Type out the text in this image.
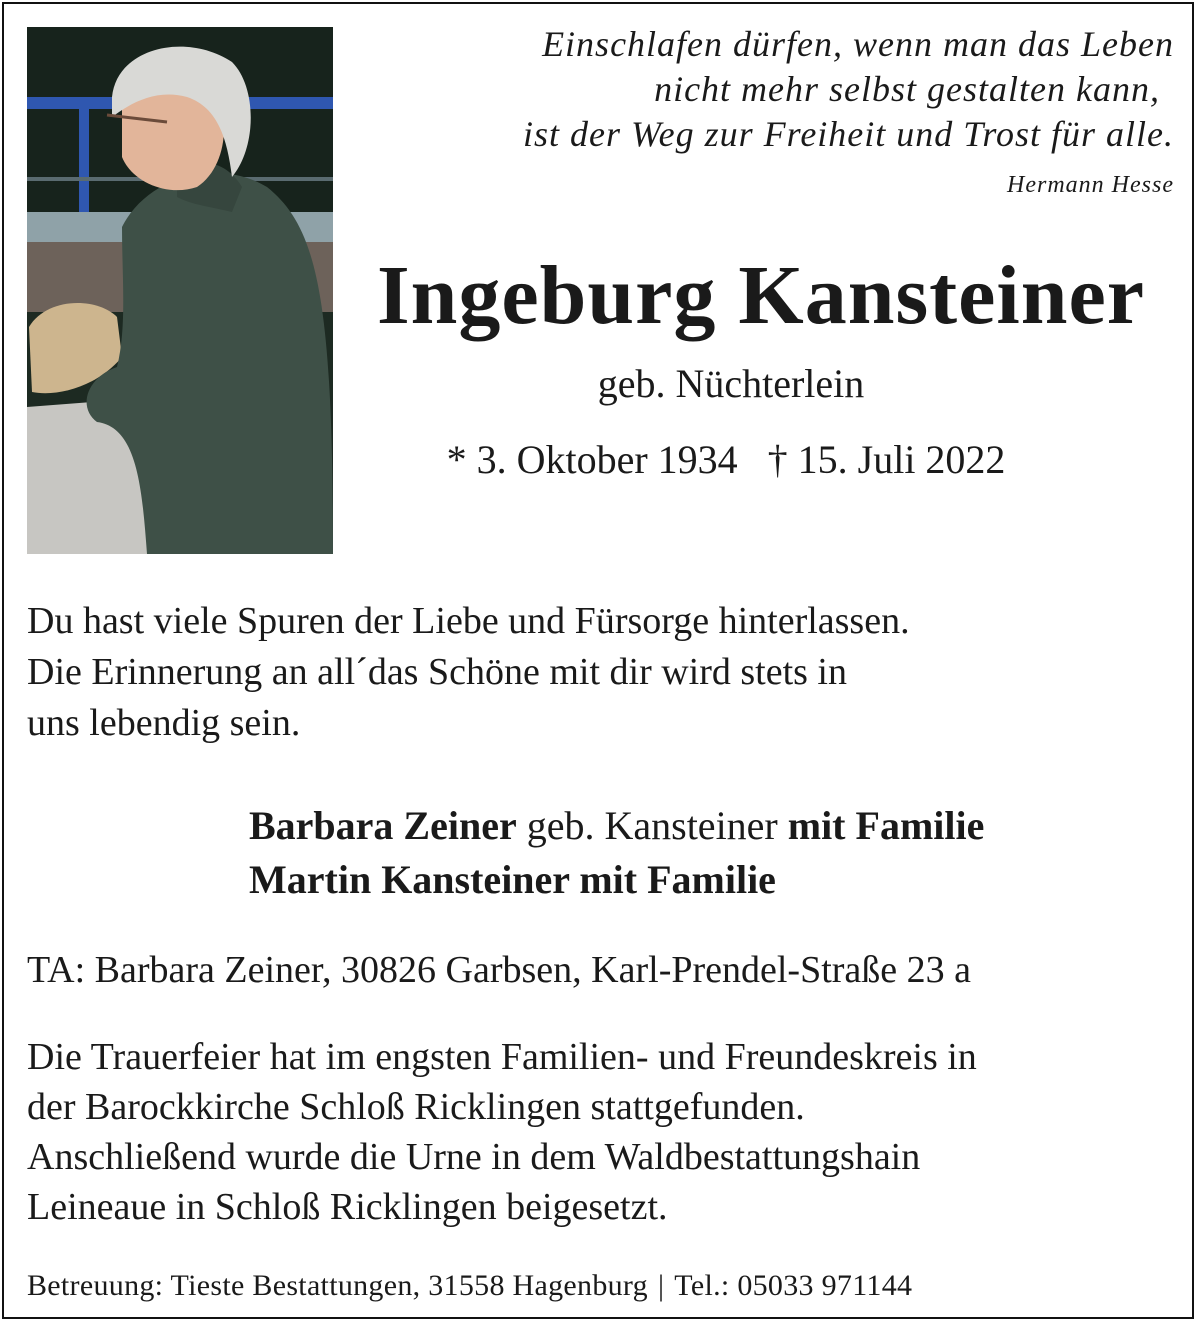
Einschlafen dürfen, wenn man das Leben
nicht mehr selbst gestalten kann,
ist der Weg zur Freiheit und Trost für alle.
Hermann Hesse
Ingeburg Kansteiner
geb. Nüchterlein
* 3. Oktober 1934 † 15. Juli 2022
Du hast viele Spuren der Liebe und Fürsorge hinterlassen.
Die Erinnerung an all´das Schöne mit dir wird stets in
uns lebendig sein.
Barbara Zeiner geb. Kansteiner mit Familie
Martin Kansteiner mit Familie
TA: Barbara Zeiner, 30826 Garbsen, Karl-Prendel-Straße 23 a
Die Trauerfeier hat im engsten Familien- und Freundeskreis in
der Barockkirche Schloß Ricklingen stattgefunden.
Anschließend wurde die Urne in dem Waldbestattungshain
Leineaue in Schloß Ricklingen beigesetzt.
Betreuung: Tieste Bestattungen, 31558 Hagenburg | Tel.: 05033 971144
